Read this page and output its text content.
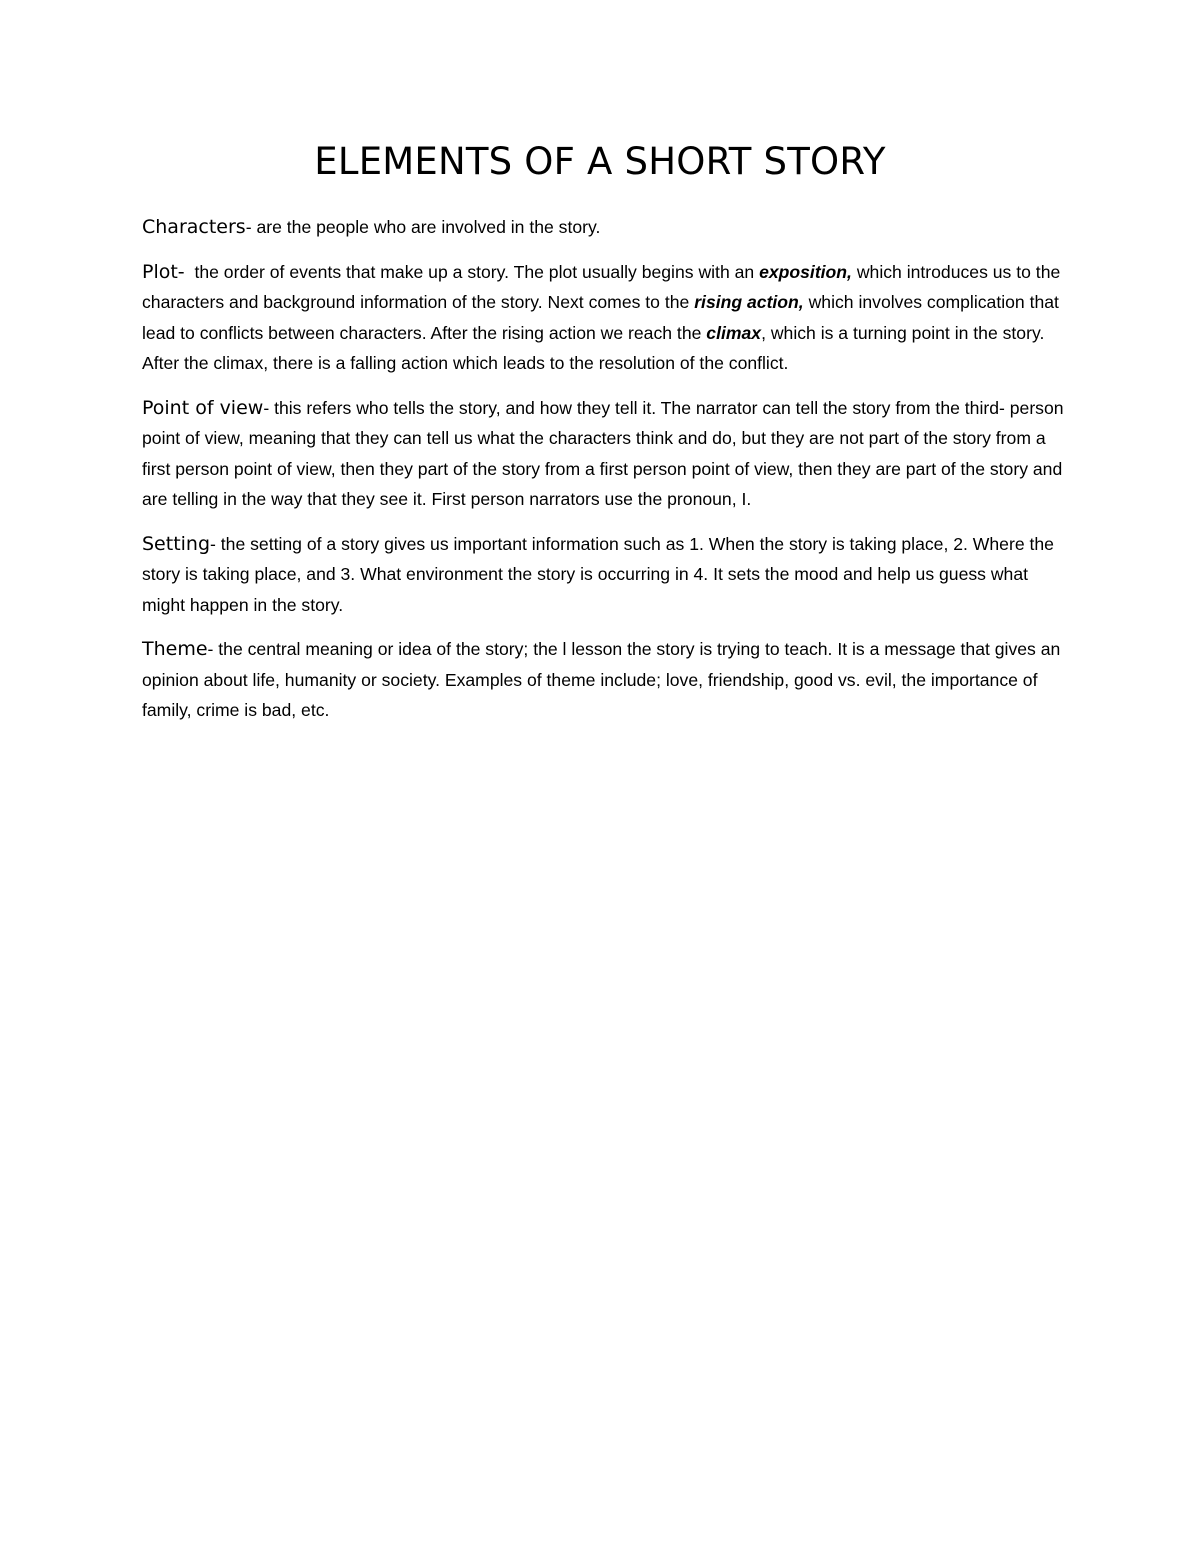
ELEMENTS OF A SHORT STORY

Characters- are the people who are involved in the story.

Plot-  the order of events that make up a story. The plot usually begins with an exposition, which introduces us to the characters and background information of the story. Next comes to the rising action, which involves complication that lead to conflicts between characters. After the rising action we reach the climax, which is a turning point in the story. After the climax, there is a falling action which leads to the resolution of the conflict.

Point of view- this refers who tells the story, and how they tell it. The narrator can tell the story from the third- person point of view, meaning that they can tell us what the characters think and do, but they are not part of the story from a first person point of view, then they part of the story from a first person point of view, then they are part of the story and are telling in the way that they see it. First person narrators use the pronoun, I.

Setting- the setting of a story gives us important information such as 1. When the story is taking place, 2. Where the story is taking place, and 3. What environment the story is occurring in 4. It sets the mood and help us guess what might happen in the story.

Theme- the central meaning or idea of the story; the l lesson the story is trying to teach. It is a message that gives an opinion about life, humanity or society. Examples of theme include; love, friendship, good vs. evil, the importance of family, crime is bad, etc.
